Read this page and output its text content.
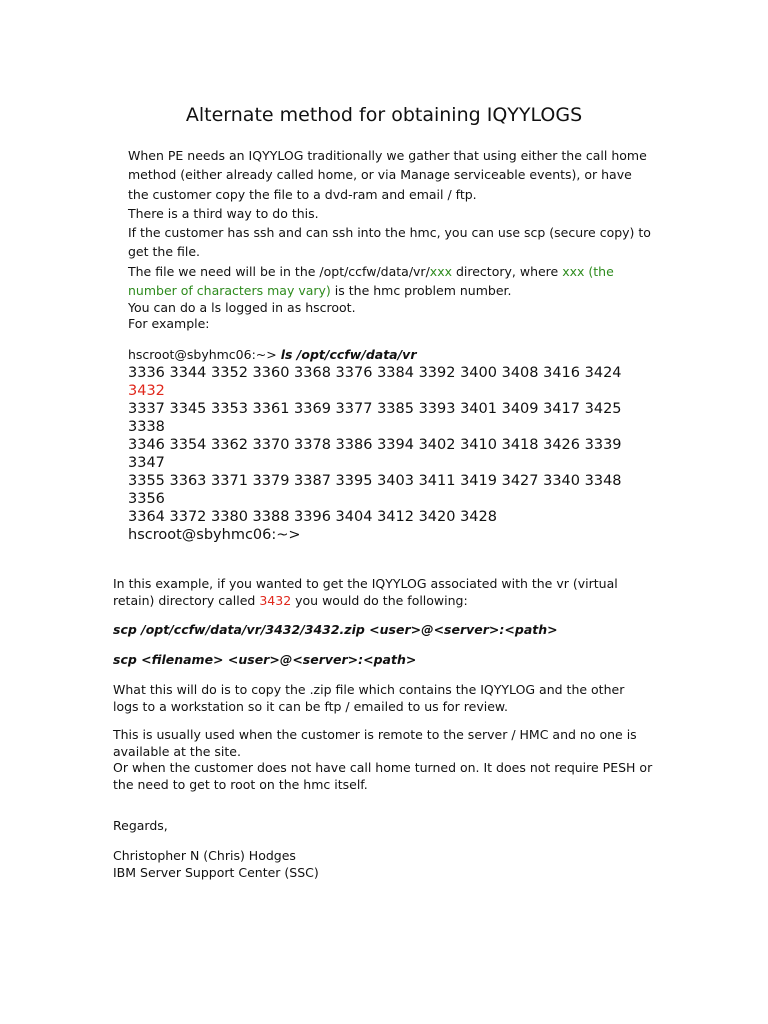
Alternate method for obtaining IQYYLOGS
When PE needs an IQYYLOG traditionally we gather that using either the call home
method (either already called home, or via Manage serviceable events), or have
the customer copy the file to a dvd-ram and email / ftp.
There is a third way to do this.
If the customer has ssh and can ssh into the hmc, you can use scp (secure copy) to
get the file.
The file we need will be in the /opt/ccfw/data/vr/xxx directory, where xxx (the
number of characters may vary) is the hmc problem number.
You can do a ls logged in as hscroot.
For example:
hscroot@sbyhmc06:~> ls /opt/ccfw/data/vr
3336 3344 3352 3360 3368 3376 3384 3392 3400 3408 3416 3424
3432
3337 3345 3353 3361 3369 3377 3385 3393 3401 3409 3417 3425
3338
3346 3354 3362 3370 3378 3386 3394 3402 3410 3418 3426 3339
3347
3355 3363 3371 3379 3387 3395 3403 3411 3419 3427 3340 3348
3356
3364 3372 3380 3388 3396 3404 3412 3420 3428
hscroot@sbyhmc06:~>
In this example, if you wanted to get the IQYYLOG associated with the vr (virtual
retain) directory called 3432 you would do the following:
scp /opt/ccfw/data/vr/3432/3432.zip <user>@<server>:<path>
scp <filename> <user>@<server>:<path>
What this will do is to copy the .zip file which contains the IQYYLOG and the other
logs to a workstation so it can be ftp / emailed to us for review.
This is usually used when the customer is remote to the server / HMC and no one is
available at the site.
Or when the customer does not have call home turned on. It does not require PESH or
the need to get to root on the hmc itself.
Regards,
Christopher N (Chris) Hodges
IBM Server Support Center (SSC)
